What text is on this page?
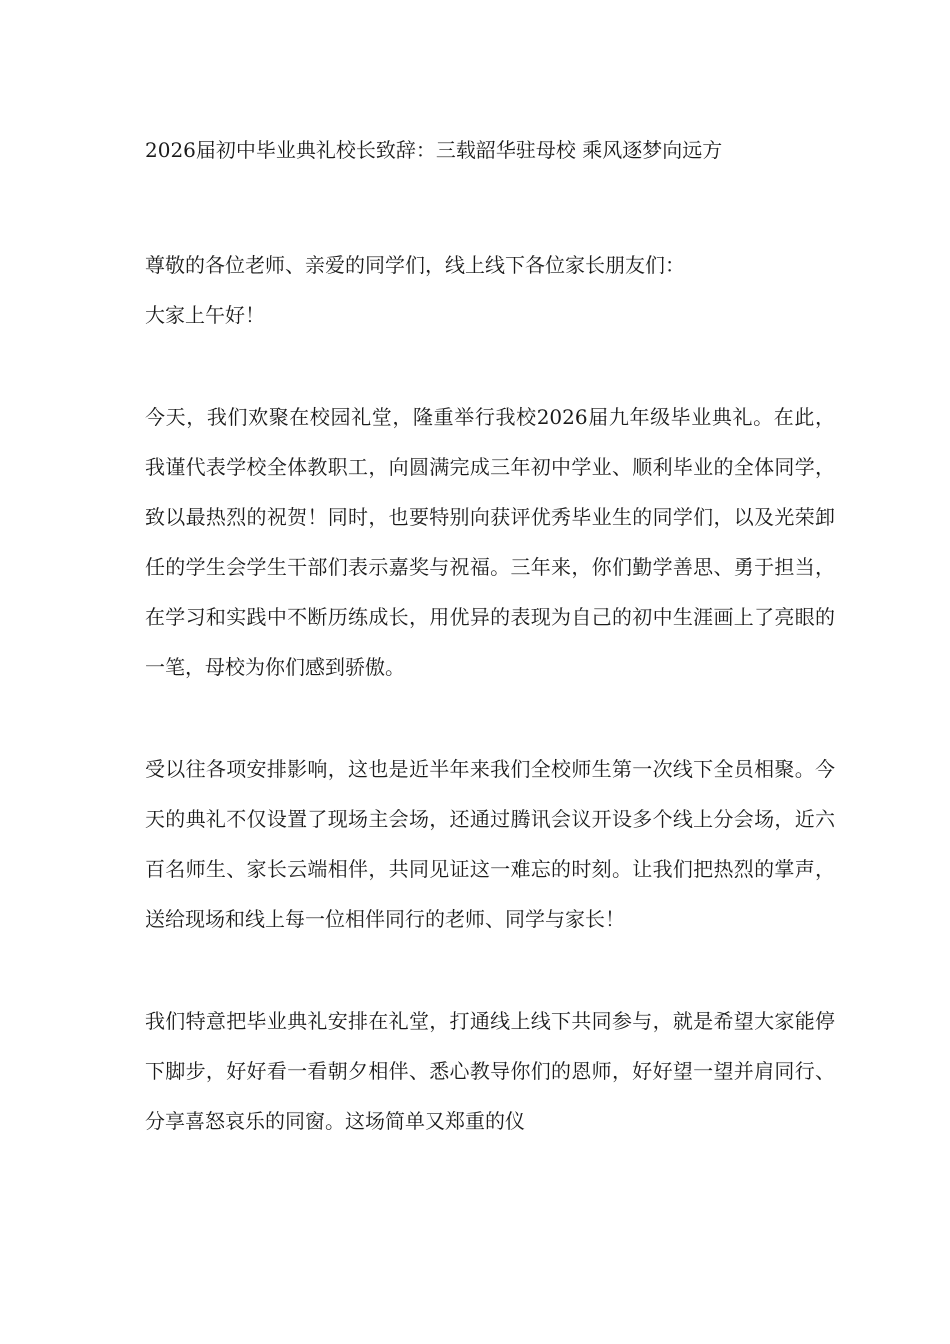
2026届初中毕业典礼校长致辞：三载韶华驻母校 乘风逐梦向远方

尊敬的各位老师、亲爱的同学们，线上线下各位家长朋友们：

大家上午好！

今天，我们欢聚在校园礼堂，隆重举行我校2026届九年级毕业典礼。在此，我谨代表学校全体教职工，向圆满完成三年初中学业、顺利毕业的全体同学，致以最热烈的祝贺！同时，也要特别向获评优秀毕业生的同学们，以及光荣卸任的学生会学生干部们表示嘉奖与祝福。三年来，你们勤学善思、勇于担当，在学习和实践中不断历练成长，用优异的表现为自己的初中生涯画上了亮眼的一笔，母校为你们感到骄傲。

受以往各项安排影响，这也是近半年来我们全校师生第一次线下全员相聚。今天的典礼不仅设置了现场主会场，还通过腾讯会议开设多个线上分会场，近六百名师生、家长云端相伴，共同见证这一难忘的时刻。让我们把热烈的掌声，送给现场和线上每一位相伴同行的老师、同学与家长！

我们特意把毕业典礼安排在礼堂，打通线上线下共同参与，就是希望大家能停下脚步，好好看一看朝夕相伴、悉心教导你们的恩师，好好望一望并肩同行、分享喜怒哀乐的同窗。这场简单又郑重的仪
